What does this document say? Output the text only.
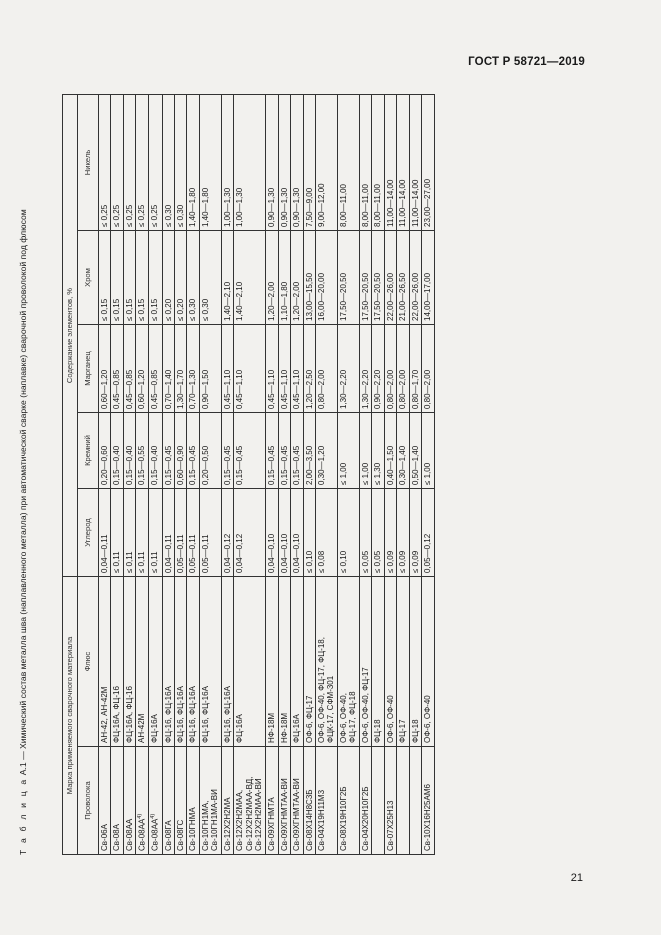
ГОСТ Р 58721—2019
Т а б л и ц а А.1 — Химический состав металла шва (наплавленного металла) при автоматической сварке (наплавке) сварочной проволокой под флюсом	Марка применяемого сварочного материала		Содержание элементов, %				
Проволока	Флюс	Углерод	Кремний	Марганец	Хром	Никель
Св-06А	АН-42, АН-42М	0,04—0,11	0,20—0,60	0,60—1,20	≤ 0,15	≤ 0,25
Св-08А	ФЦ-16А, ФЦ-16	≤ 0,11	0,15—0,40	0,45—0,85	≤ 0,15	≤ 0,25
Св-08АА	ФЦ-16А, ФЦ-16	≤ 0,11	0,15—0,40	0,45—0,85	≤ 0,15	≤ 0,25
Св-08АА$^{4)}$	АН-42М	≤ 0,11	0,15—0,55	0,60—1,20	≤ 0,15	≤ 0,25
Св-08АА$^{4)}$	ФЦ-16А	≤ 0,11	0,15—0,40	0,45—0,85	≤ 0,15	≤ 0,25
Св-08ГА	ФЦ-16, ФЦ-16А	0,04—0,11	0,15—0,45	0,70—1,40	≤ 0,20	≤ 0,30
Св-08ГС	ФЦ-16, ФЦ-16А	0,05—0,11	0,60—0,90	1,30—1,70	≤ 0,20	≤ 0,30
Св-10ГНМА	ФЦ-16, ФЦ-16А	0,05—0,11	0,15—0,45	0,70—1,30	≤ 0,30	1,40—1,80
Св-10ГН1МА,
Св-10ГН1МА-ВИ	ФЦ-16, ФЦ-16А	0,05—0,11	0,20—0,50	0,90—1,50	≤ 0,30	1,40—1,80
Св-12Х2Н2МА	ФЦ-16, ФЦ-16А	0,04—0,12	0,15—0,45	0,45—1,10	1,40—2,10	1,00—1,30
Св-12Х2Н2МАА,
Св-12Х2Н2МАА-ВД,
Св-12Х2Н2МАА-ВИ	ФЦ-16А	0,04—0,12	0,15—0,45	0,45—1,10	1,40—2,10	1,00—1,30
Св-09ХГНМТА	НФ-18М	0,04—0,10	0,15—0,45	0,45—1,10	1,20—2,00	0,90—1,30
Св-09ХГНМТАА-ВИ	НФ-18М	0,04—0,10	0,15—0,45	0,45—1,10	1,10—1,80	0,90—1,30
Св-09ХГНМТАА-ВИ	ФЦ-16А	0,04—0,10	0,15—0,45	0,45—1,10	1,20—2,00	0,90—1,30
Св-08Х14Н8С3Б	ОФ-6, ФЦ-17	≤ 0,10	2,00—3,50	1,20—2,50	13,00—15,50	7,50—9,00
Св-04Х19Н11М3	ОФ-6, ОФ-40, ФЦ-17, ФЦ-18,
ФЦК-17, СФМ-301	≤ 0,08	0,30—1,20	0,80—2,00	16,00—20,00	9,00—12,00
Св-08Х19Н10Г2Б	ОФ-6, ОФ-40,
ФЦ-17, ФЦ-18	≤ 0,10	≤ 1,00	1,30—2,20	17,50—20,50	8,00—11,00
Св-04Х20Н10Г2Б	ОФ-6, ОФ-40, ФЦ-17	≤ 0,05	≤ 1,00	1,30—2,20	17,50—20,50	8,00—11,00
	ФЦ-18	≤ 0,05	≤ 1,30	0,90—2,20	17,50—20,50	8,00—11,00
Св-07Х25Н13	ОФ-6, ОФ-40	≤ 0,09	0,40—1,50	0,80—2,00	22,00—26,00	11,00—14,00
	ФЦ-17	≤ 0,09	0,30—1,40	0,80—2,00	21,00—26,50	11,00—14,00
	ФЦ-18	≤ 0,09	0,50—1,40	0,80—1,70	22,00—26,00	11,00—14,00
Св-10Х16Н25АМ6	ОФ-6, ОФ-40	0,05—0,12	≤ 1,00	0,80—2,00	14,00—17,00	23,00—27,00
21
